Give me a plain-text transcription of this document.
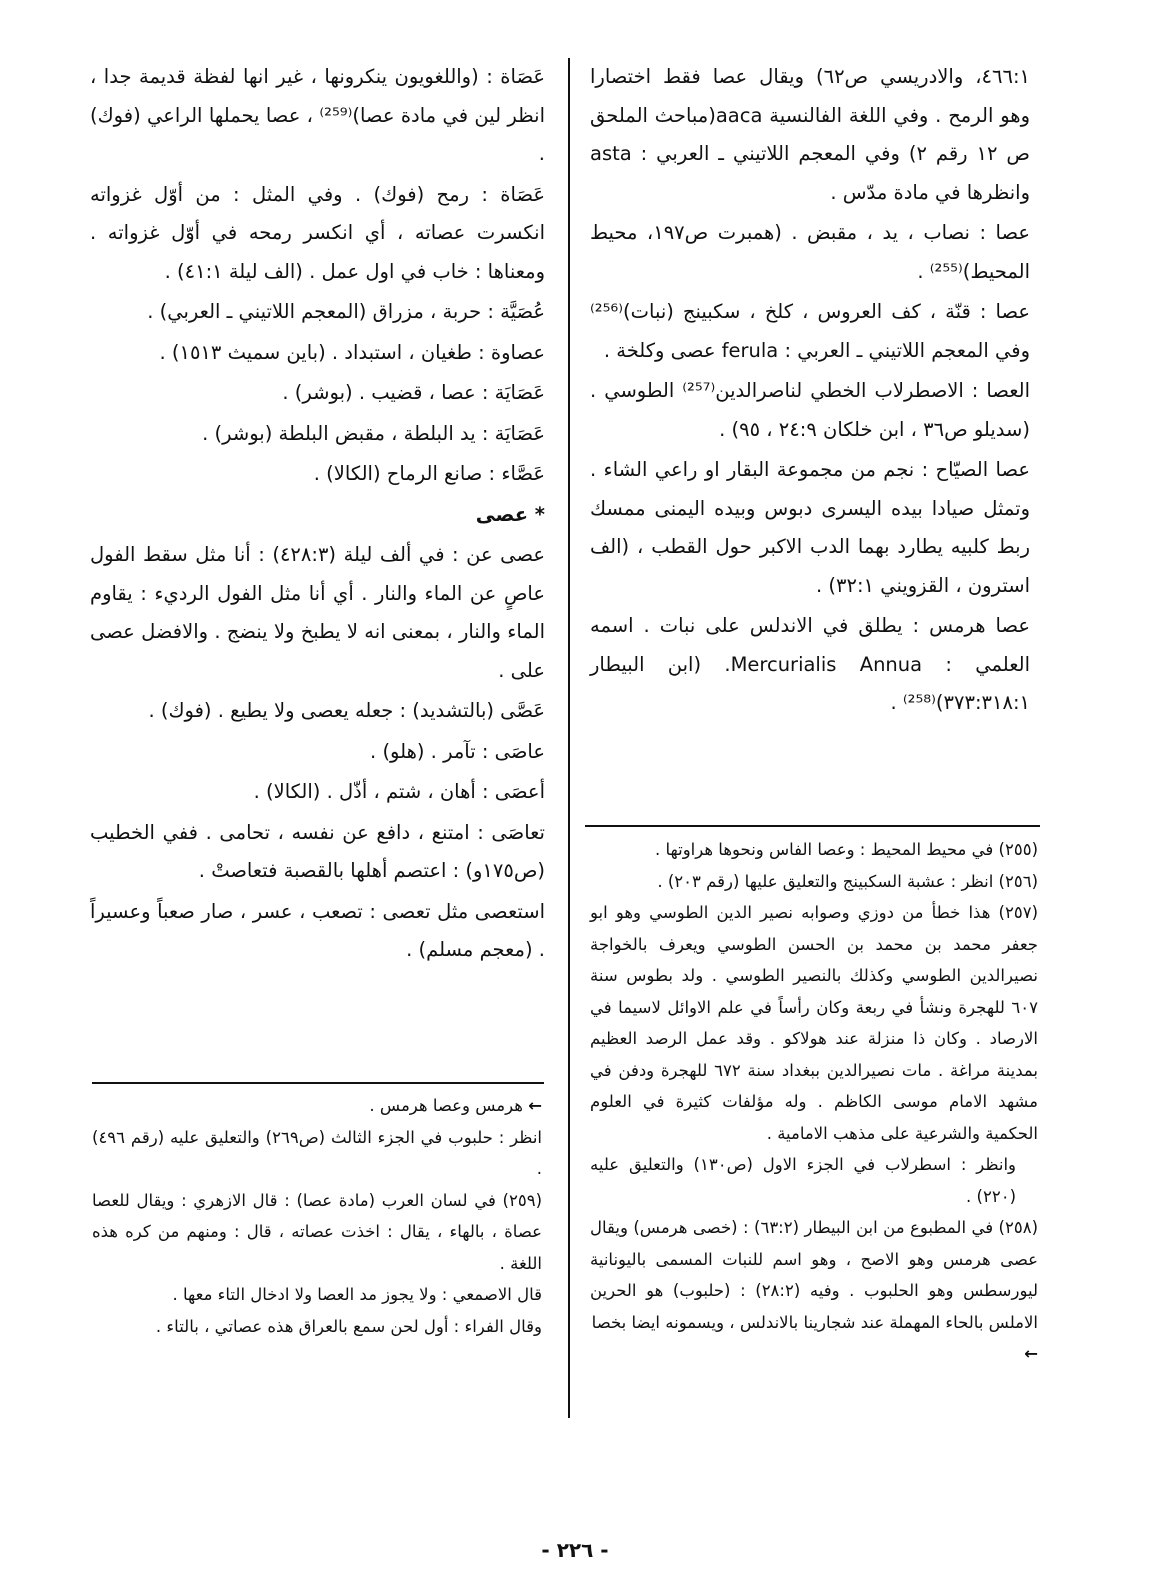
٤٦٦:١، والادريسي ص٦٢) ويقال عصا فقط اختصارا وهو الرمح . وفي اللغة الفالنسية aaca(مباحث الملحق ص ١٢ رقم ٢) وفي المعجم اللاتيني ـ العربي : asta وانظرها في مادة مدّس .

عصا : نصاب ، يد ، مقبض . (همبرت ص١٩٧، محيط المحيط)⁽²⁵⁵⁾ .

عصا : قنّة ، كف العروس ، كلخ ، سكبينج (نبات)⁽²⁵⁶⁾ وفي المعجم اللاتيني ـ العربي : ferula عصى وكلخة .

العصا : الاصطرلاب الخطي لناصرالدين⁽²⁵⁷⁾ الطوسي . (سديلو ص٣٦ ، ابن خلكان ٢٤:٩ ، ٩٥) .

عصا الصيّاح : نجم من مجموعة البقار او راعي الشاء . وتمثل صيادا بيده اليسرى دبوس وبيده اليمنى ممسك ربط كلبيه يطارد بهما الدب الاكبر حول القطب ، (الف استرون ، القزويني ٣٢:١) .

عصا هرمس : يطلق في الاندلس على نبات . اسمه العلمي : Mercurialis Annua. (ابن البيطار ٣٧٣:٣١٨:١)⁽²⁵⁸⁾ .

عَصَاة : (واللغويون ينكرونها ، غير انها لفظة قديمة جدا ، انظر لين في مادة عصا)⁽²⁵⁹⁾ ، عصا يحملها الراعي (فوك) .

عَصَاة : رمح (فوك) . وفي المثل : من أوّل غزواته انكسرت عصاته ، أي انكسر رمحه في أوّل غزواته . ومعناها : خاب في اول عمل . (الف ليلة ٤١:١) .

عُصَيَّة : حربة ، مزراق (المعجم اللاتيني ـ العربي) .

عصاوة : طغيان ، استبداد . (باين سميث ١٥١٣) .

عَصَايَة : عصا ، قضيب . (بوشر) .

عَصَايَة : يد البلطة ، مقبض البلطة (بوشر) .

عَصَّاء : صانع الرماح (الكالا) .

* عصى

عصى عن : في ألف ليلة (٤٢٨:٣) : أنا مثل سقط الفول عاصٍ عن الماء والنار . أي أنا مثل الفول الرديء : يقاوم الماء والنار ، بمعنى انه لا يطبخ ولا ينضج . والافضل عصى على .

عَصَّى (بالتشديد) : جعله يعصى ولا يطيع . (فوك) .

عاصَى : تآمر . (هلو) .

أعصَى : أهان ، شتم ، أذّل . (الكالا) .

تعاصَى : امتنع ، دافع عن نفسه ، تحامى . ففي الخطيب (ص١٧٥و) : اعتصم أهلها بالقصبة فتعاصتْ .

استعصى مثل تعصى : تصعب ، عسر ، صار صعباً وعسيراً . (معجم مسلم) .

(٢٥٥) في محيط المحيط : وعصا الفاس ونحوها هراوتها .

(٢٥٦) انظر : عشبة السكبينج والتعليق عليها (رقم ٢٠٣) .

(٢٥٧) هذا خطأ من دوزي وصوابه نصير الدين الطوسي وهو ابو جعفر محمد بن محمد بن الحسن الطوسي ويعرف بالخواجة نصيرالدين الطوسي وكذلك بالنصير الطوسي . ولد بطوس سنة ٦٠٧ للهجرة ونشأ في ربعة وكان رأساً في علم الاوائل لاسيما في الارصاد . وكان ذا منزلة عند هولاكو . وقد عمل الرصد العظيم بمدينة مراغة . مات نصيرالدين ببغداد سنة ٦٧٢ للهجرة ودفن في مشهد الامام موسى الكاظم . وله مؤلفات كثيرة في العلوم الحكمية والشرعية على مذهب الامامية .

وانظر : اسطرلاب في الجزء الاول (ص١٣٠) والتعليق عليه (٢٢٠) .

(٢٥٨) في المطبوع من ابن البيطار (٦٣:٢) : (خصى هرمس) ويقال عصى هرمس وهو الاصح ، وهو اسم للنبات المسمى باليونانية ليورسطس وهو الحلبوب . وفيه (٢٨:٢) : (حلبوب) هو الحرين الاملس بالحاء المهملة عند شجارينا بالاندلس ، ويسمونه ايضا بخصا

←

← هرمس وعصا هرمس .

انظر : حلبوب في الجزء الثالث (ص٢٦٩) والتعليق عليه (رقم ٤٩٦) .

(٢٥٩) في لسان العرب (مادة عصا) : قال الازهري : ويقال للعصا عصاة ، بالهاء ، يقال : اخذت عصاته ، قال : ومنهم من كره هذه اللغة .

قال الاصمعي : ولا يجوز مد العصا ولا ادخال التاء معها .

وقال الفراء : أول لحن سمع بالعراق هذه عصاتي ، بالتاء .

- ٢٢٦ -
